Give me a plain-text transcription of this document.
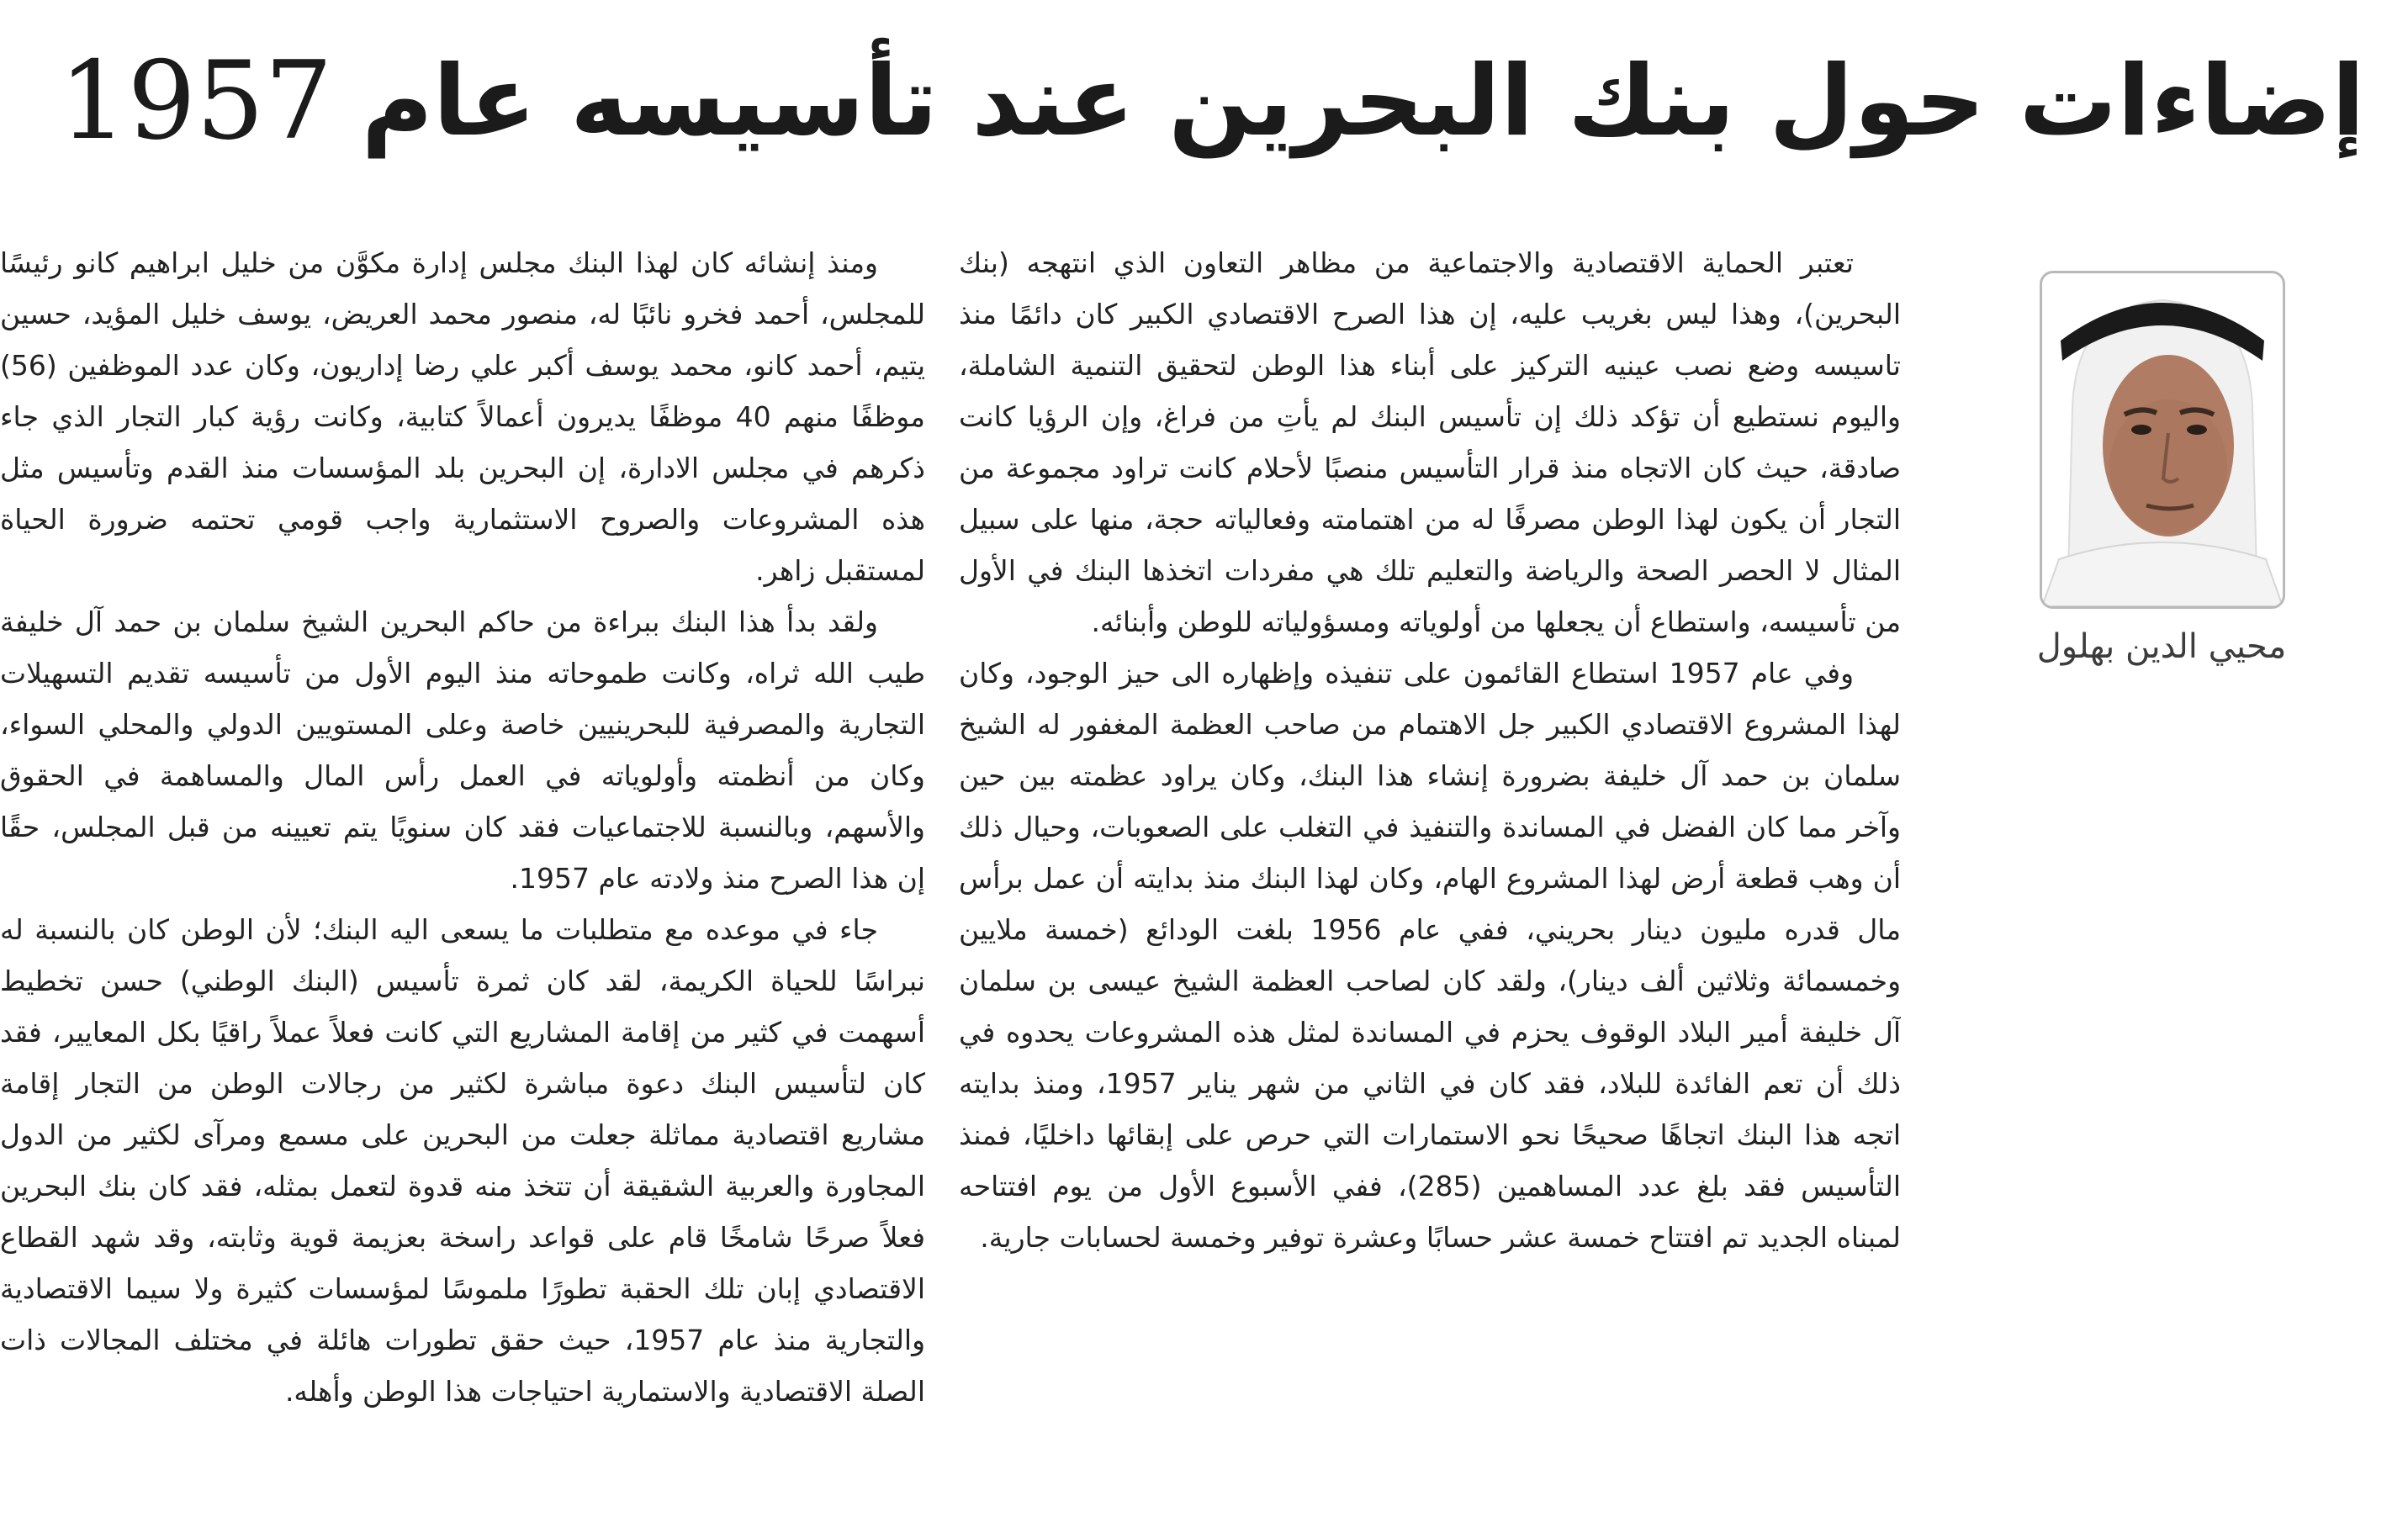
1957 إضاءات حول بنك البحرين عند تأسيسه عام

تعتبر الحماية الاقتصادية والاجتماعية من مظاهر التعاون الذي انتهجه (بنك البحرين)، وهذا ليس بغريب عليه، إن هذا الصرح الاقتصادي الكبير كان دائمًا منذ تاسيسه وضع نصب عينيه التركيز على أبناء هذا الوطن لتحقيق التنمية الشاملة، واليوم نستطيع أن تؤكد ذلك إن تأسيس البنك لم يأتِ من فراغ، وإن الرؤيا كانت صادقة، حيث كان الاتجاه منذ قرار التأسيس منصبًا لأحلام كانت تراود مجموعة من التجار أن يكون لهذا الوطن مصرفًا له من اهتمامته وفعالياته حجة، منها على سبيل المثال لا الحصر الصحة والرياضة والتعليم تلك هي مفردات اتخذها البنك في الأول من تأسيسه، واستطاع أن يجعلها من أولوياته ومسؤولياته للوطن وأبنائه.

وفي عام 1957 استطاع القائمون على تنفيذه وإظهاره الى حيز الوجود، وكان لهذا المشروع الاقتصادي الكبير جل الاهتمام من صاحب العظمة المغفور له الشيخ سلمان بن حمد آل خليفة بضرورة إنشاء هذا البنك، وكان يراود عظمته بين حين وآخر مما كان الفضل في المساندة والتنفيذ في التغلب على الصعوبات، وحيال ذلك أن وهب قطعة أرض لهذا المشروع الهام، وكان لهذا البنك منذ بدايته أن عمل برأس مال قدره مليون دينار بحريني، ففي عام 1956 بلغت الودائع (خمسة ملايين وخمسمائة وثلاثين ألف دينار)، ولقد كان لصاحب العظمة الشيخ عيسى بن سلمان آل خليفة أمير البلاد الوقوف يحزم في المساندة لمثل هذه المشروعات يحدوه في ذلك أن تعم الفائدة للبلاد، فقد كان في الثاني من شهر يناير 1957، ومنذ بدايته اتجه هذا البنك اتجاهًا صحيحًا نحو الاستمارات التي حرص على إبقائها داخليًا، فمنذ التأسيس فقد بلغ عدد المساهمين (285)، ففي الأسبوع الأول من يوم افتتاحه لمبناه الجديد تم افتتاح خمسة عشر حسابًا وعشرة توفير وخمسة لحسابات جارية.

ومنذ إنشائه كان لهذا البنك مجلس إدارة مكوَّن من خليل ابراهيم كانو رئيسًا للمجلس، أحمد فخرو نائبًا له، منصور محمد العريض، يوسف خليل المؤيد، حسين يتيم، أحمد كانو، محمد يوسف أكبر علي رضا إداريون، وكان عدد الموظفين (56) موظفًا منهم 40 موظفًا يديرون أعمالاً كتابية، وكانت رؤية كبار التجار الذي جاء ذكرهم في مجلس الادارة، إن البحرين بلد المؤسسات منذ القدم وتأسيس مثل هذه المشروعات والصروح الاستثمارية واجب قومي تحتمه ضرورة الحياة لمستقبل زاهر.

ولقد بدأ هذا البنك ببراءة من حاكم البحرين الشيخ سلمان بن حمد آل خليفة طيب الله ثراه، وكانت طموحاته منذ اليوم الأول من تأسيسه تقديم التسهيلات التجارية والمصرفية للبحرينيين خاصة وعلى المستويين الدولي والمحلي السواء، وكان من أنظمته وأولوياته في العمل رأس المال والمساهمة في الحقوق والأسهم، وبالنسبة للاجتماعيات فقد كان سنويًا يتم تعيينه من قبل المجلس، حقًا إن هذا الصرح منذ ولادته عام 1957.

جاء في موعده مع متطلبات ما يسعى اليه البنك؛ لأن الوطن كان بالنسبة له نبراسًا للحياة الكريمة، لقد كان ثمرة تأسيس (البنك الوطني) حسن تخطيط أسهمت في كثير من إقامة المشاريع التي كانت فعلاً عملاً راقيًا بكل المعايير، فقد كان لتأسيس البنك دعوة مباشرة لكثير من رجالات الوطن من التجار إقامة مشاريع اقتصادية مماثلة جعلت من البحرين على مسمع ومرآى لكثير من الدول المجاورة والعربية الشقيقة أن تتخذ منه قدوة لتعمل بمثله، فقد كان بنك البحرين فعلاً صرحًا شامخًا قام على قواعد راسخة بعزيمة قوية وثابته، وقد شهد القطاع الاقتصادي إبان تلك الحقبة تطورًا ملموسًا لمؤسسات كثيرة ولا سيما الاقتصادية والتجارية منذ عام 1957، حيث حقق تطورات هائلة في مختلف المجالات ذات الصلة الاقتصادية والاستمارية احتياجات هذا الوطن وأهله.

محيي الدين بهلول
